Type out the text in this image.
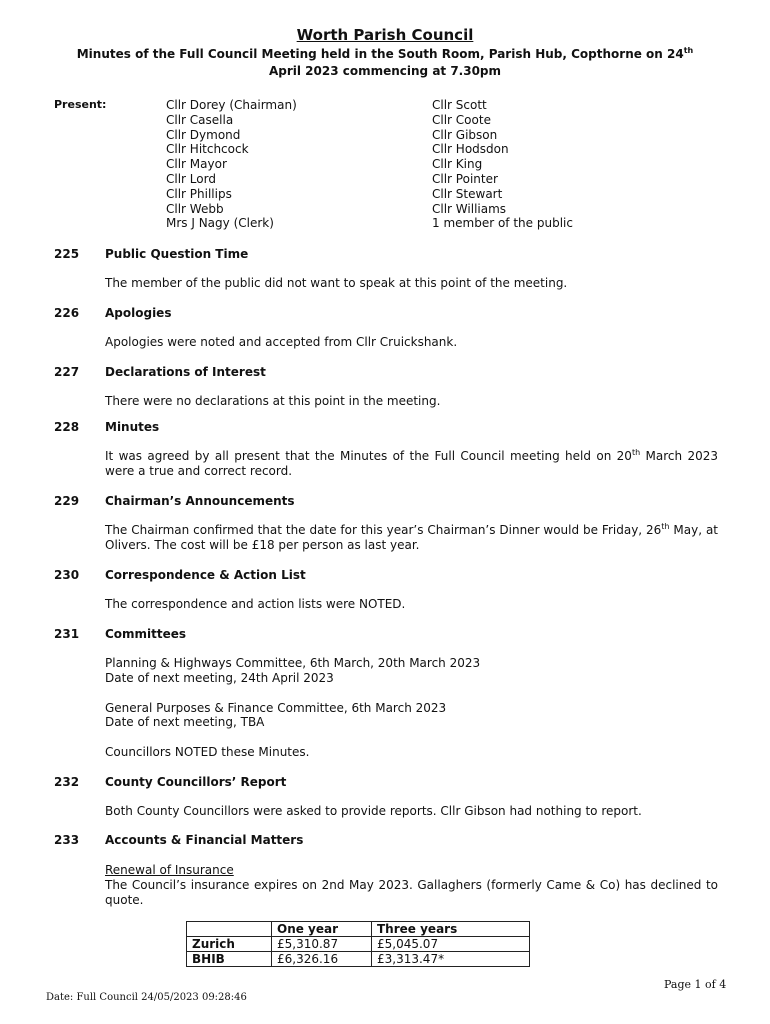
Worth Parish Council
Minutes of the Full Council Meeting held in the South Room, Parish Hub, Copthorne on 24th
April 2023 commencing at 7.30pm
Present:	Cllr Dorey (Chairman)
Cllr Casella
Cllr Dymond
Cllr Hitchcock
Cllr Mayor
Cllr Lord
Cllr Phillips
Cllr Webb
Mrs J Nagy (Clerk)
Cllr Scott
Cllr Coote
Cllr Gibson
Cllr Hodsdon
Cllr King
Cllr Pointer
Cllr Stewart
Cllr Williams
1 member of the public
225 Public Question Time
The member of the public did not want to speak at this point of the meeting.
226 Apologies
Apologies were noted and accepted from Cllr Cruickshank.
227 Declarations of Interest
There were no declarations at this point in the meeting.
228 Minutes
It was agreed by all present that the Minutes of the Full Council meeting held on 20th March 2023 were a true and correct record.
229 Chairman’s Announcements
The Chairman confirmed that the date for this year’s Chairman’s Dinner would be Friday, 26th May, at Olivers. The cost will be £18 per person as last year.
230 Correspondence & Action List
The correspondence and action lists were NOTED.
231 Committees
Planning & Highways Committee, 6th March, 20th March 2023
Date of next meeting, 24th April 2023
General Purposes & Finance Committee, 6th March 2023
Date of next meeting, TBA
Councillors NOTED these Minutes.
232 County Councillors’ Report
Both County Councillors were asked to provide reports. Cllr Gibson had nothing to report.
233 Accounts & Financial Matters
Renewal of Insurance
The Council’s insurance expires on 2nd May 2023. Gallaghers (formerly Came & Co) has declined to quote.
	One year	Three years
Zurich	£5,310.87	£5,045.07
BHIB	£6,326.16	£3,313.47*
Page 1 of 4
Date: Full Council 24/05/2023 09:28:46
